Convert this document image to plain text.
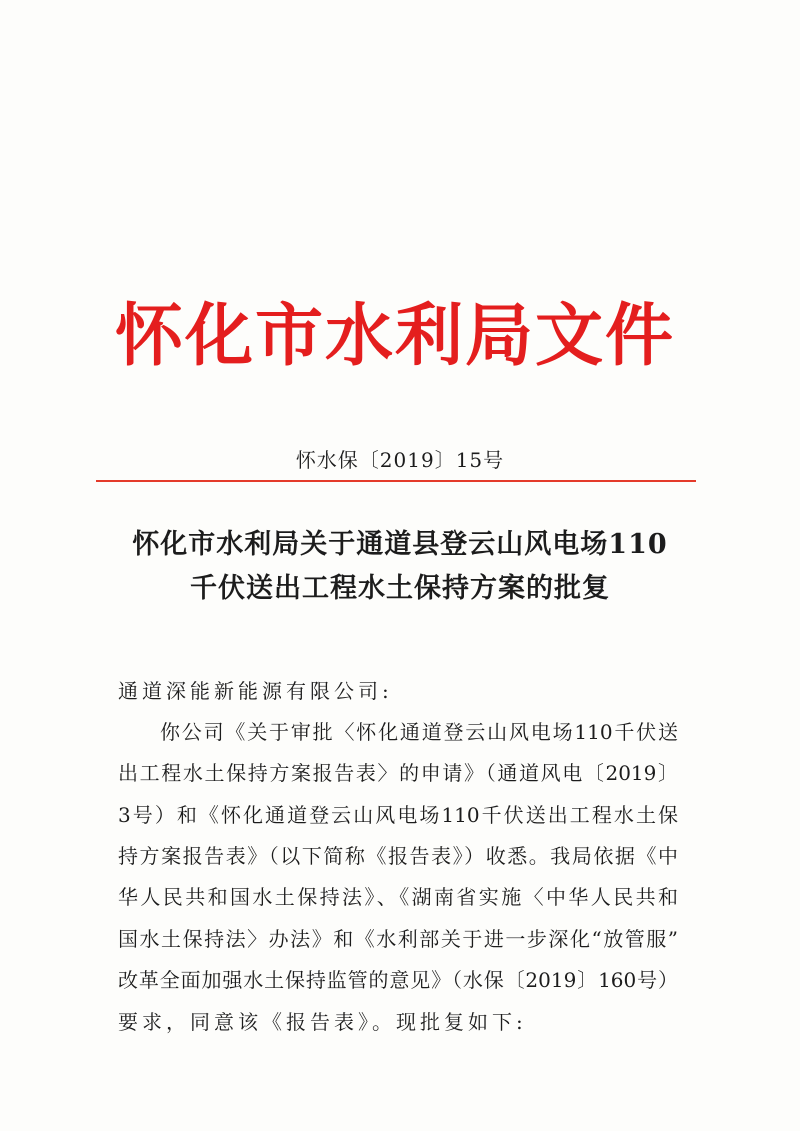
怀化市水利局文件
怀水保〔2019〕15号
怀化市水利局关于通道县登云山风电场110
千伏送出工程水土保持方案的批复
通道深能新能源有限公司:
你公司《关于审批〈怀化通道登云山风电场110千伏送
出工程水土保持方案报告表〉的申请》（通道风电〔2019〕
3号）和《怀化通道登云山风电场110千伏送出工程水土保
持方案报告表》（以下简称《报告表》）收悉。我局依据《中
华人民共和国水土保持法》、《湖南省实施〈中华人民共和
国水土保持法〉办法》和《水利部关于进一步深化“放管服”
改革全面加强水土保持监管的意见》（水保〔2019〕160号）
要求，同意该《报告表》。现批复如下:
